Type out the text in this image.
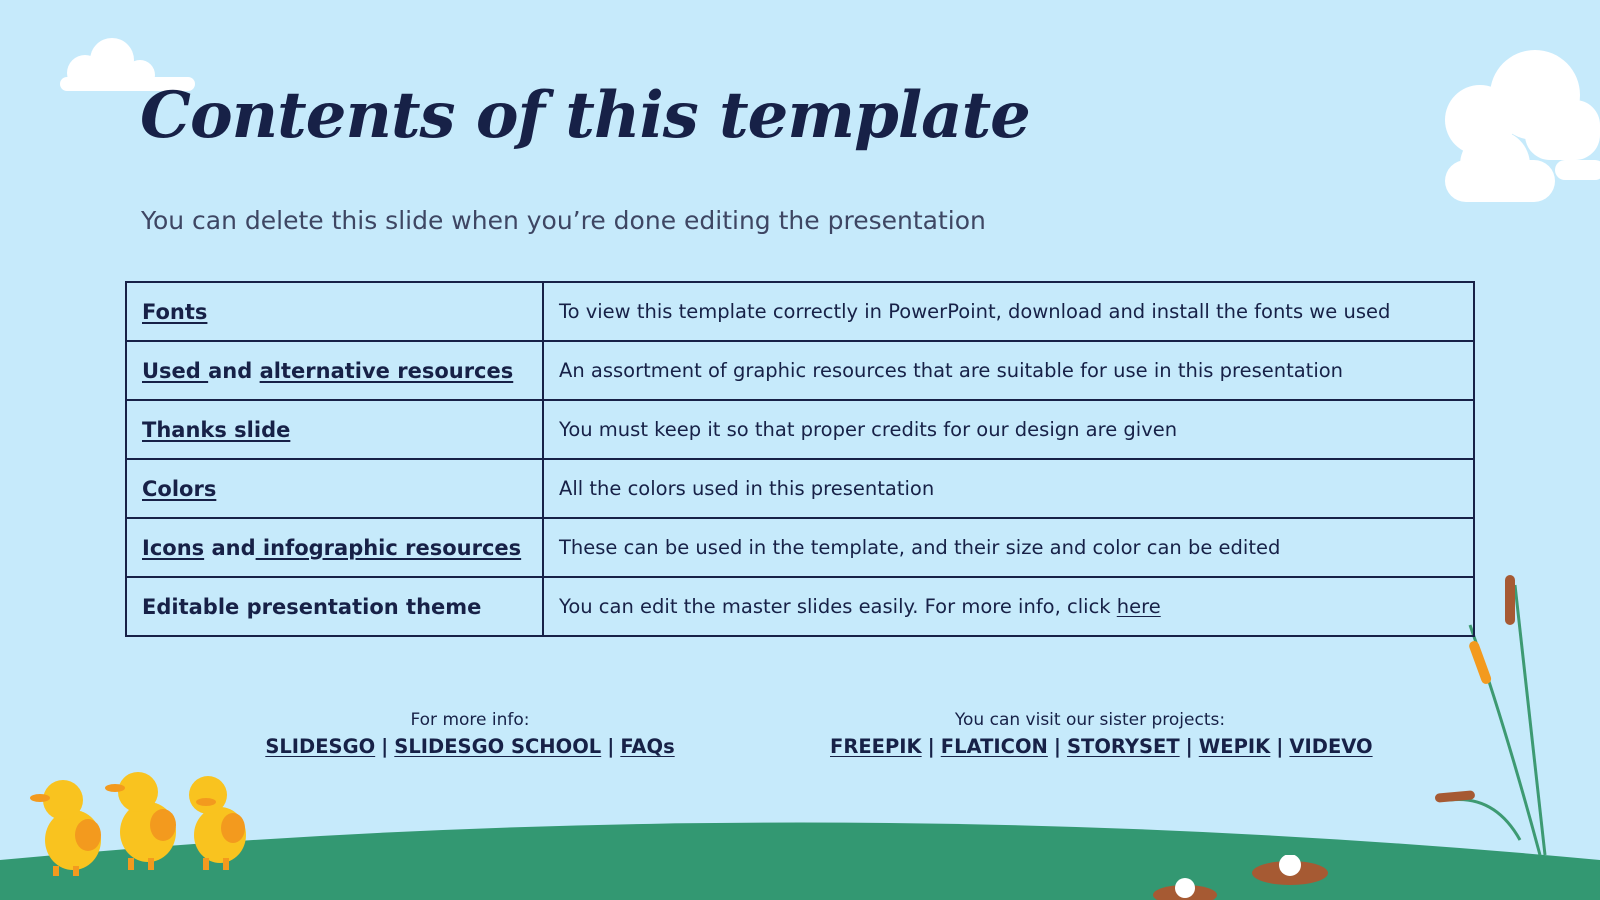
Contents of this template

You can delete this slide when you’re done editing the presentation

Fonts	To view this template correctly in PowerPoint, download and install the fonts we used
Used and alternative resources	An assortment of graphic resources that are suitable for use in this presentation
Thanks slide	You must keep it so that proper credits for our design are given
Colors	All the colors used in this presentation
Icons and infographic resources	These can be used in the template, and their size and color can be edited
Editable presentation theme	You can edit the master slides easily. For more info, click here
For more info:
SLIDESGO | SLIDESGO SCHOOL | FAQs
You can visit our sister projects:
FREEPIK | FLATICON | STORYSET | WEPIK | VIDEVO
